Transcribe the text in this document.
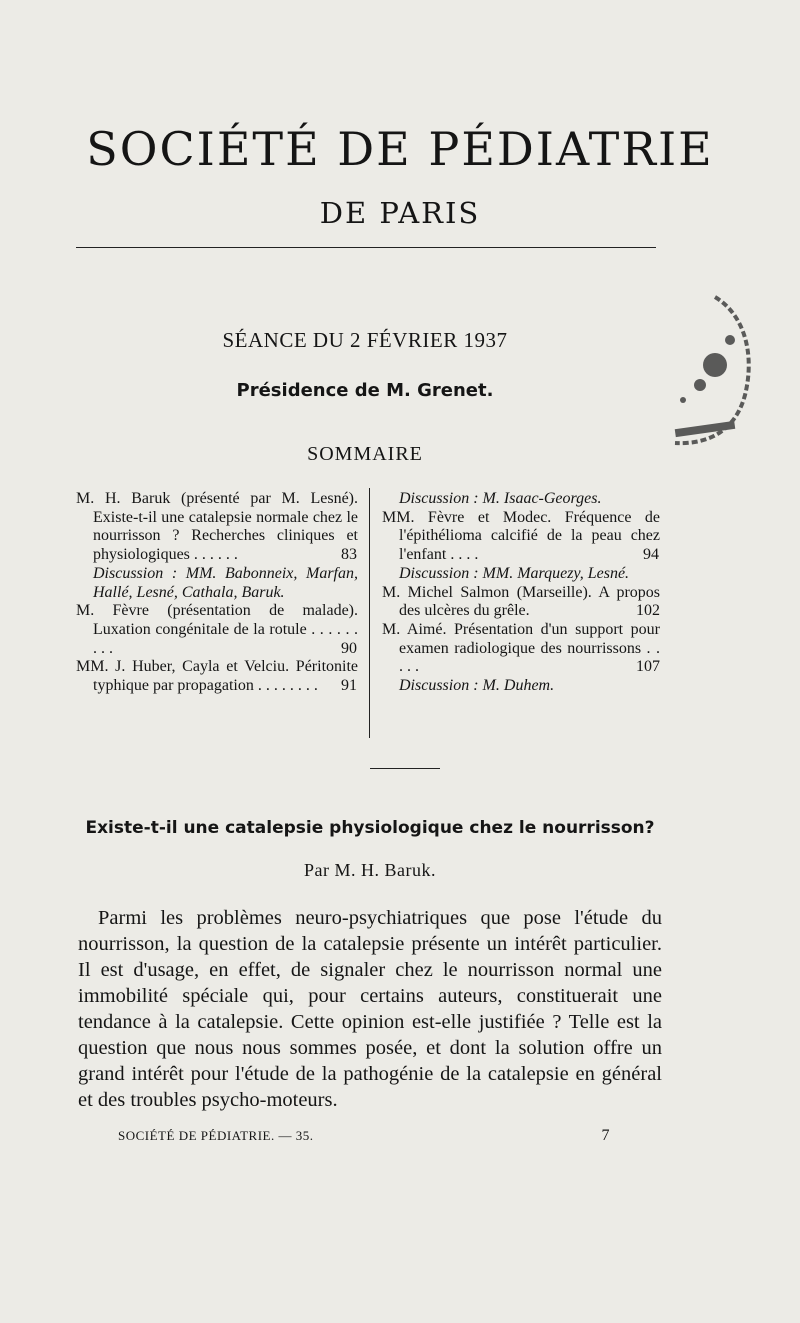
SOCIÉTÉ DE PÉDIATRIE
DE PARIS
SÉANCE DU 2 FÉVRIER 1937
Présidence de M. Grenet.
SOMMAIRE

M. H. Baruk (présenté par M. Lesné). Existe-t-il une catalepsie normale chez le nourrisson ? Recherches cliniques et physiologiques . . . . . .	83

Discussion : MM. Babonneix, Marfan, Hallé, Lesné, Cathala, Baruk.

M. Fèvre (présentation de malade). Luxation congénitale de la rotule . . . . . . . . .	90

MM. J. Huber, Cayla et Velciu. Péritonite typhique par propagation . . . . . . . . 91

Discussion : M. Isaac-Georges.

MM. Fèvre et Modec. Fréquence de l'épithélioma calcifié de la peau chez l'enfant . . . .	94

Discussion : MM. Marquezy, Lesné.

M. Michel Salmon (Marseille). A propos des ulcères du grêle.	102

M. Aimé. Présentation d'un support pour examen radiologique des nourrissons . . . . .	107

Discussion : M. Duhem.

Existe-t-il une catalepsie physiologique chez le nourrisson?
Par M. H. Baruk.

Parmi les problèmes neuro-psychiatriques que pose l'étude du nourrisson, la question de la catalepsie présente un intérêt particulier. Il est d'usage, en effet, de signaler chez le nourrisson normal une immobilité spéciale qui, pour certains auteurs, constituerait une tendance à la catalepsie. Cette opinion est-elle justifiée ? Telle est la question que nous nous sommes posée, et dont la solution offre un grand intérêt pour l'étude de la pathogénie de la catalepsie en général et des troubles psycho-moteurs.

SOCIÉTÉ DE PÉDIATRIE. — 35.	7
